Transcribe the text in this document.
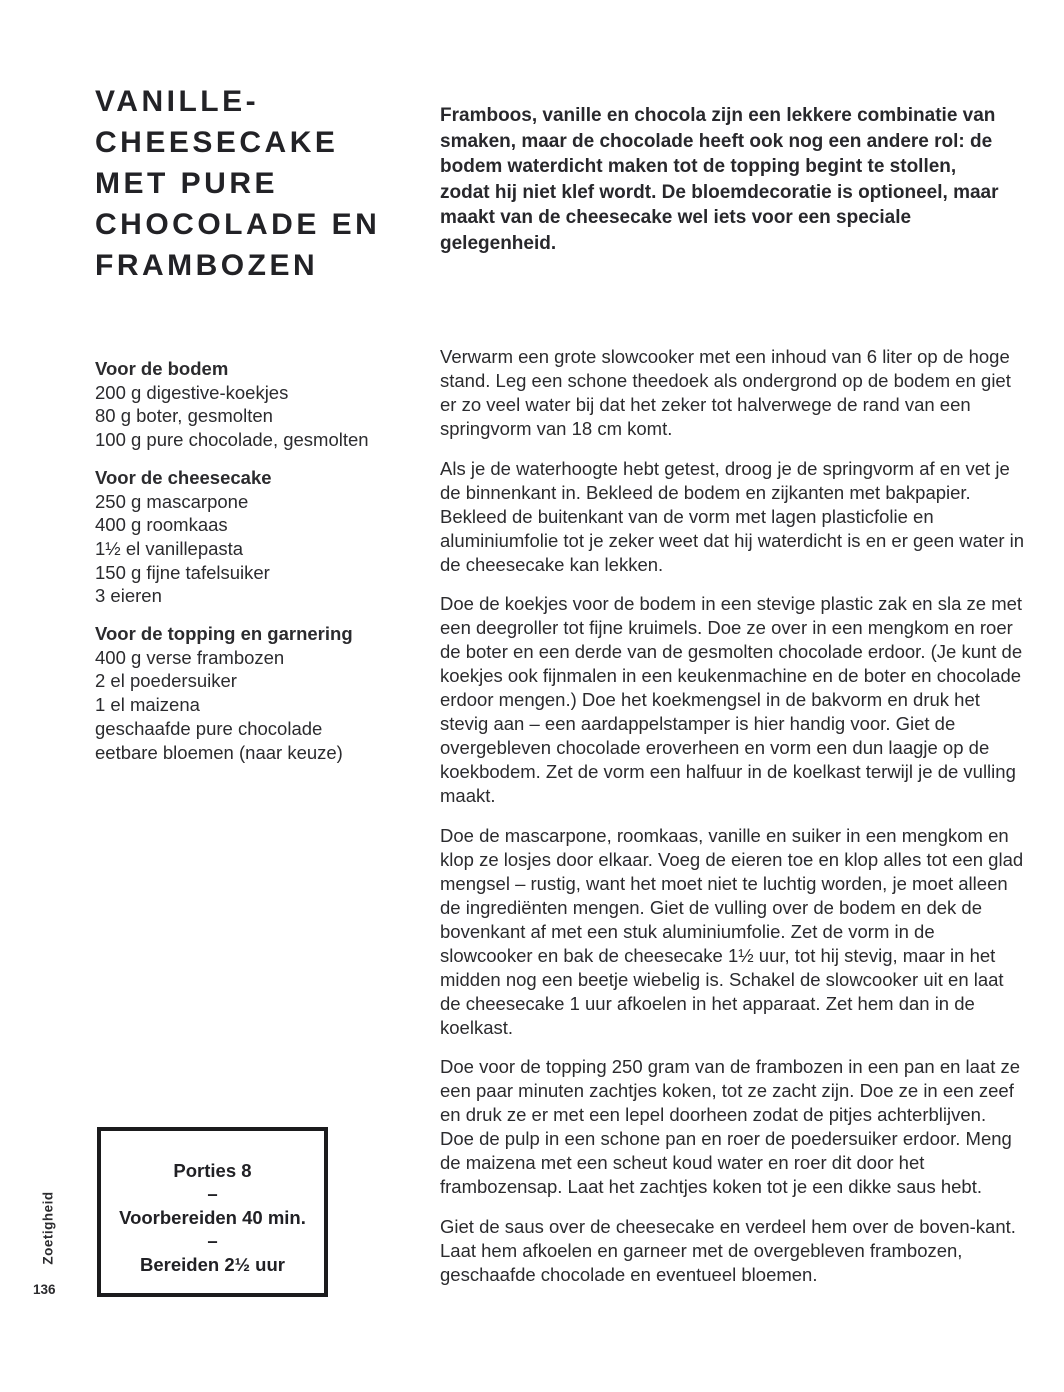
VANILLE-
CHEESECAKE
MET PURE
CHOCOLADE EN
FRAMBOZEN

Framboos, vanille en chocola zijn een lekkere combinatie van smaken, maar de chocolade heeft ook nog een andere rol: de bodem waterdicht maken tot de topping begint te stollen, zodat hij niet klef wordt. De bloemdecoratie is optioneel, maar maakt van de cheesecake wel iets voor een speciale gelegenheid.

Voor de bodem
200 g digestive-koekjes
80 g boter, gesmolten
100 g pure chocolade, gesmolten
Voor de cheesecake
250 g mascarpone
400 g roomkaas
1½ el vanillepasta
150 g fijne tafelsuiker
3 eieren
Voor de topping en garnering
400 g verse frambozen
2 el poedersuiker
1 el maizena
geschaafde pure chocolade
eetbare bloemen (naar keuze)

Verwarm een grote slowcooker met een inhoud van 6 liter op de hoge stand. Leg een schone theedoek als ondergrond op de bodem en giet er zo veel water bij dat het zeker tot halverwege de rand van een springvorm van 18 cm komt.

Als je de waterhoogte hebt getest, droog je de springvorm af en vet je de binnenkant in. Bekleed de bodem en zijkanten met bakpapier. Bekleed de buitenkant van de vorm met lagen plasticfolie en aluminiumfolie tot je zeker weet dat hij waterdicht is en er geen water in de cheesecake kan lekken.

Doe de koekjes voor de bodem in een stevige plastic zak en sla ze met een deegroller tot fijne kruimels. Doe ze over in een mengkom en roer de boter en een derde van de gesmolten chocolade erdoor. (Je kunt de koekjes ook fijnmalen in een keukenmachine en de boter en chocolade erdoor mengen.) Doe het koekmengsel in de bakvorm en druk het stevig aan – een aardappelstamper is hier handig voor. Giet de overgebleven chocolade eroverheen en vorm een dun laagje op de koekbodem. Zet de vorm een halfuur in de koelkast terwijl je de vulling maakt.

Doe de mascarpone, roomkaas, vanille en suiker in een mengkom en klop ze losjes door elkaar. Voeg de eieren toe en klop alles tot een glad mengsel – rustig, want het moet niet te luchtig worden, je moet alleen de ingrediënten mengen. Giet de vulling over de bodem en dek de bovenkant af met een stuk aluminiumfolie. Zet de vorm in de slowcooker en bak de cheesecake 1½ uur, tot hij stevig, maar in het midden nog een beetje wiebelig is. Schakel de slowcooker uit en laat de cheesecake 1 uur afkoelen in het apparaat. Zet hem dan in de koelkast.

Doe voor de topping 250 gram van de frambozen in een pan en laat ze een paar minuten zachtjes koken, tot ze zacht zijn. Doe ze in een zeef en druk ze er met een lepel doorheen zodat de pitjes achterblijven. Doe de pulp in een schone pan en roer de poedersuiker erdoor. Meng de maizena met een scheut koud water en roer dit door het frambozensap. Laat het zachtjes koken tot je een dikke saus hebt.

Giet de saus over de cheesecake en verdeel hem over de boven-kant. Laat hem afkoelen en garneer met de overgebleven frambozen, geschaafde chocolade en eventueel bloemen.

Porties 8
–
Voorbereiden 40 min.
–
Bereiden 2½ uur
Zoetigheid
136
